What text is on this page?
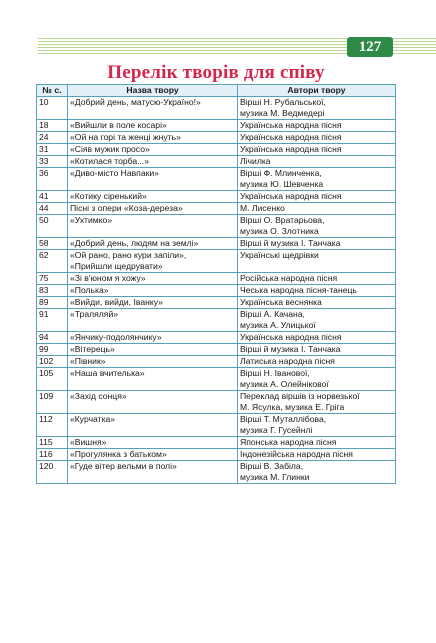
127
Перелік творів для співу
№ с.	Назва твору	Автори твору
10	«Добрий день, матусю-Україно!»	Вірші Н. Рубальської,
музика М. Ведмедері

18	«Вийшли в поле косарі»	Українська народна пісня

24	«Ой на горі та женці жнуть»	Українська народна пісня

31	«Сіяв мужик просо»	Українська народна пісня

33	«Котилася торба...»	Лічилка

36	«Диво-місто Навпаки»	Вірші Ф. Млинченка,
музика Ю. Шевченка

41	«Котику сіренький»	Українська народна пісня

44	Пісні з опери «Коза-дереза»	М. Лисенко

50	«Ухтимко»	Вірші О. Вратарьова,
музика О. Злотника

58	«Добрий день, людям на землі»	Вірші й музика І. Танчака

62	«Ой рано, рано кури запіли»,
«Прийшли щедрувати»	Українські щедрівки

75	«Зі в'юном я хожу»	Російська народна пісня

83	«Полька»	Чеська народна пісня-танець

89	«Вийди, вийди, Іванку»	Українська веснянка

91	«Траляляй»	Вірші А. Качана,
музика А. Улицької

94	«Янчику-подолянчику»	Українська народна пісня

99	«Вітерець»	Вірші й музика І. Танчака

102	«Півник»	Латиська народна пісня

105	«Наша вчителька»	Вірші Н. Іванової,
музика А. Олейнікової

109	«Захід сонця»	Переклад віршів із норвезької
М. Ясулка, музика Е. Гріга

112	«Курчатка»	Вірші Т. Муталлібова,
музика Г. Гусейнлі

115	«Вишня»	Японська народна пісня

116	«Прогулянка з батьком»	Індонезійська народна пісня

120	«Гуде вітер вельми в полі»	Вірші В. Забіла,
музика М. Глинки
